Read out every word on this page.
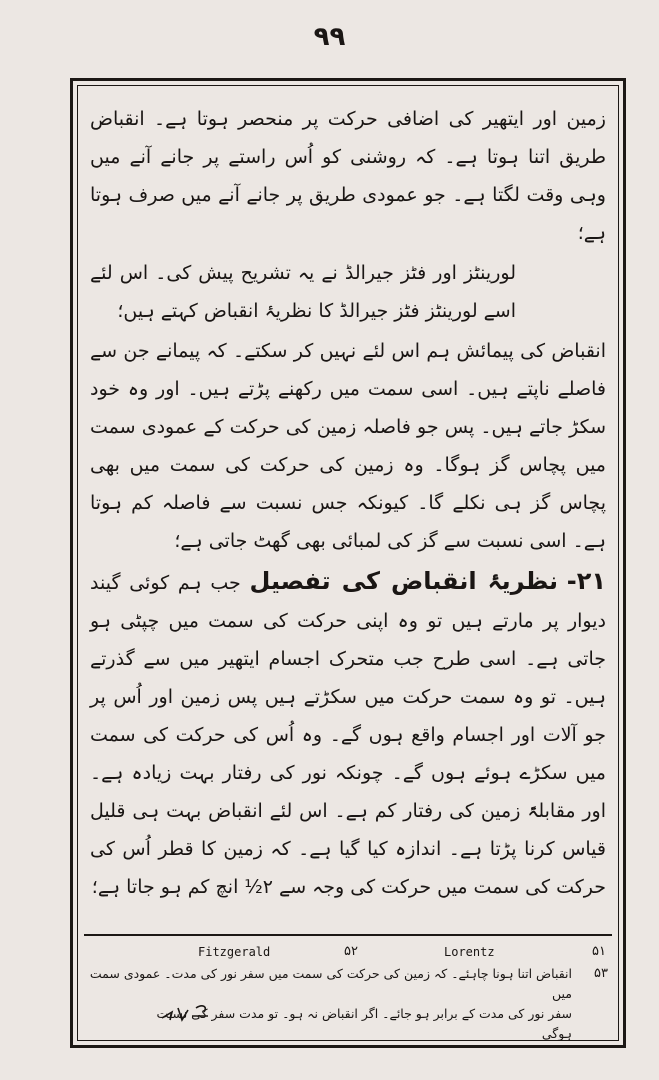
۹۹

زمین اور ایتھیر کی اضافی حرکت پر منحصر ہوتا ہے۔ انقباض طریق اتنا ہوتا ہے۔ کہ روشنی کو اُس راستے پر جانے آنے میں وہی وقت لگتا ہے۔ جو عمودی طریق پر جانے آنے میں صرف ہوتا ہے؛

لورینٹز اور فٹز جیرالڈ نے یہ تشریح پیش کی۔ اس لئے اسے لورینٹز فٹز جیرالڈ کا نظریۂ انقباض کہتے ہیں؛

انقباض کی پیمائش ہم اس لئے نہیں کر سکتے۔ کہ پیمانے جن سے فاصلے ناپتے ہیں۔ اسی سمت میں رکھنے پڑتے ہیں۔ اور وہ خود سکڑ جاتے ہیں۔ پس جو فاصلہ زمین کی حرکت کے عمودی سمت میں پچاس گز ہوگا۔ وہ زمین کی حرکت کی سمت میں بھی پچاس گز ہی نکلے گا۔ کیونکہ جس نسبت سے فاصلہ کم ہوتا ہے۔ اسی نسبت سے گز کی لمبائی بھی گھٹ جاتی ہے؛

۲۱- نظریۂ انقباض کی تفصیل جب ہم کوئی گیند دیوار پر مارتے ہیں تو وہ اپنی حرکت کی سمت میں چپٹی ہو جاتی ہے۔ اسی طرح جب متحرک اجسام ایتھیر میں سے گذرتے ہیں۔ تو وہ سمت حرکت میں سکڑتے ہیں پس زمین اور اُس پر جو آلات اور اجسام واقع ہوں گے۔ وہ اُس کی حرکت کی سمت میں سکڑے ہوئے ہوں گے۔ چونکہ نور کی رفتار بہت زیادہ ہے۔ اور مقابلۃً زمین کی رفتار کم ہے۔ اس لئے انقباض بہت ہی قلیل قیاس کرنا پڑتا ہے۔ اندازہ کیا گیا ہے۔ کہ زمین کا قطر اُس کی حرکت کی سمت میں حرکت کی وجہ سے ۲½ انچ کم ہو جاتا ہے؛

Fitzgerald	۵۲	Lorentz	۵۱
۵۳

انقباض اتنا ہونا چاہئے۔ کہ زمین کی حرکت کی سمت میں سفر نور کی مدت۔ عمودی سمت میں

سفر نور کی مدت کے برابر ہو جائے۔ اگر انقباض نہ ہو۔ تو مدت سفر کی نسبت

ہوگی
